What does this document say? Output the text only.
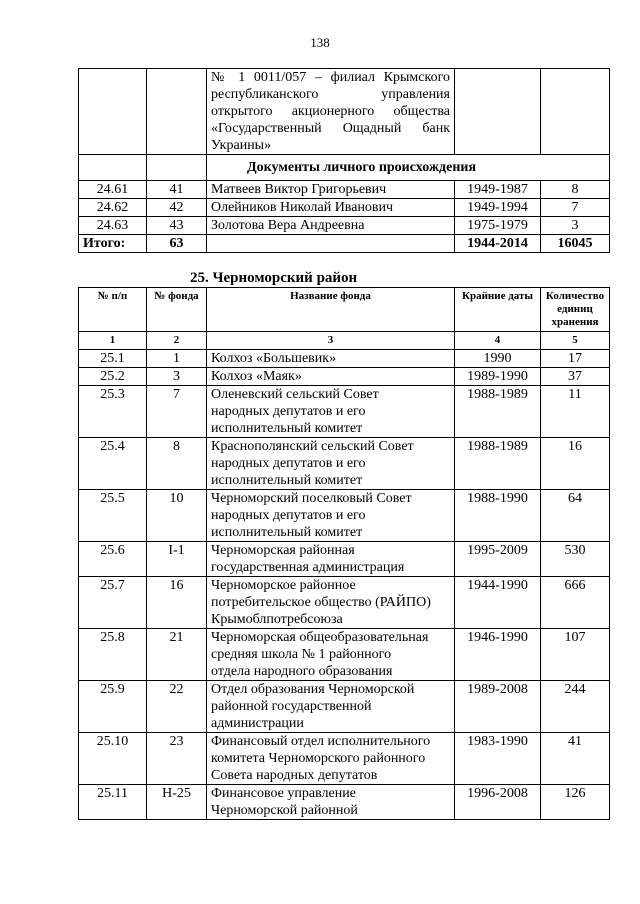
138

		№ 1 0011/057 – филиал Крымского
республиканского управления
открытого акционерного общества
«Государственный Ощадный банк
Украины»		

		Документы личного происхождения		
24.61	41	Матвеев Виктор Григорьевич	1949-1987	8
24.62	42	Олейников Николай Иванович	1949-1994	7
24.63	43	Золотова Вера Андреевна	1975-1979	3
Итого:	63		1944-2014	16045
25. Черноморский район
№ п/п	№ фонда	Название фонда	Крайние даты	Количество единиц хранения
1	2	3	4	5
25.1	1	Колхоз «Большевик»	1990	17
25.2	3	Колхоз «Маяк»	1989-1990	37
25.3	7	Оленевский сельский Совет
народных депутатов и его
исполнительный комитет	1988-1989	11
25.4	8	Краснополянский сельский Совет
народных депутатов и его
исполнительный комитет	1988-1989	16
25.5	10	Черноморский поселковый Совет
народных депутатов и его
исполнительный комитет	1988-1990	64
25.6	I-1	Черноморская районная
государственная администрация	1995-2009	530
25.7	16	Черноморское районное
потребительское общество (РАЙПО)
Крымоблпотребсоюза	1944-1990	666
25.8	21	Черноморская общеобразовательная
средняя школа № 1 районного
отдела народного образования	1946-1990	107
25.9	22	Отдел образования Черноморской
районной государственной
администрации	1989-2008	244
25.10	23	Финансовый отдел исполнительного
комитета Черноморского районного
Совета народных депутатов	1983-1990	41
25.11	Н-25	Финансовое управление
Черноморской районной	1996-2008	126
